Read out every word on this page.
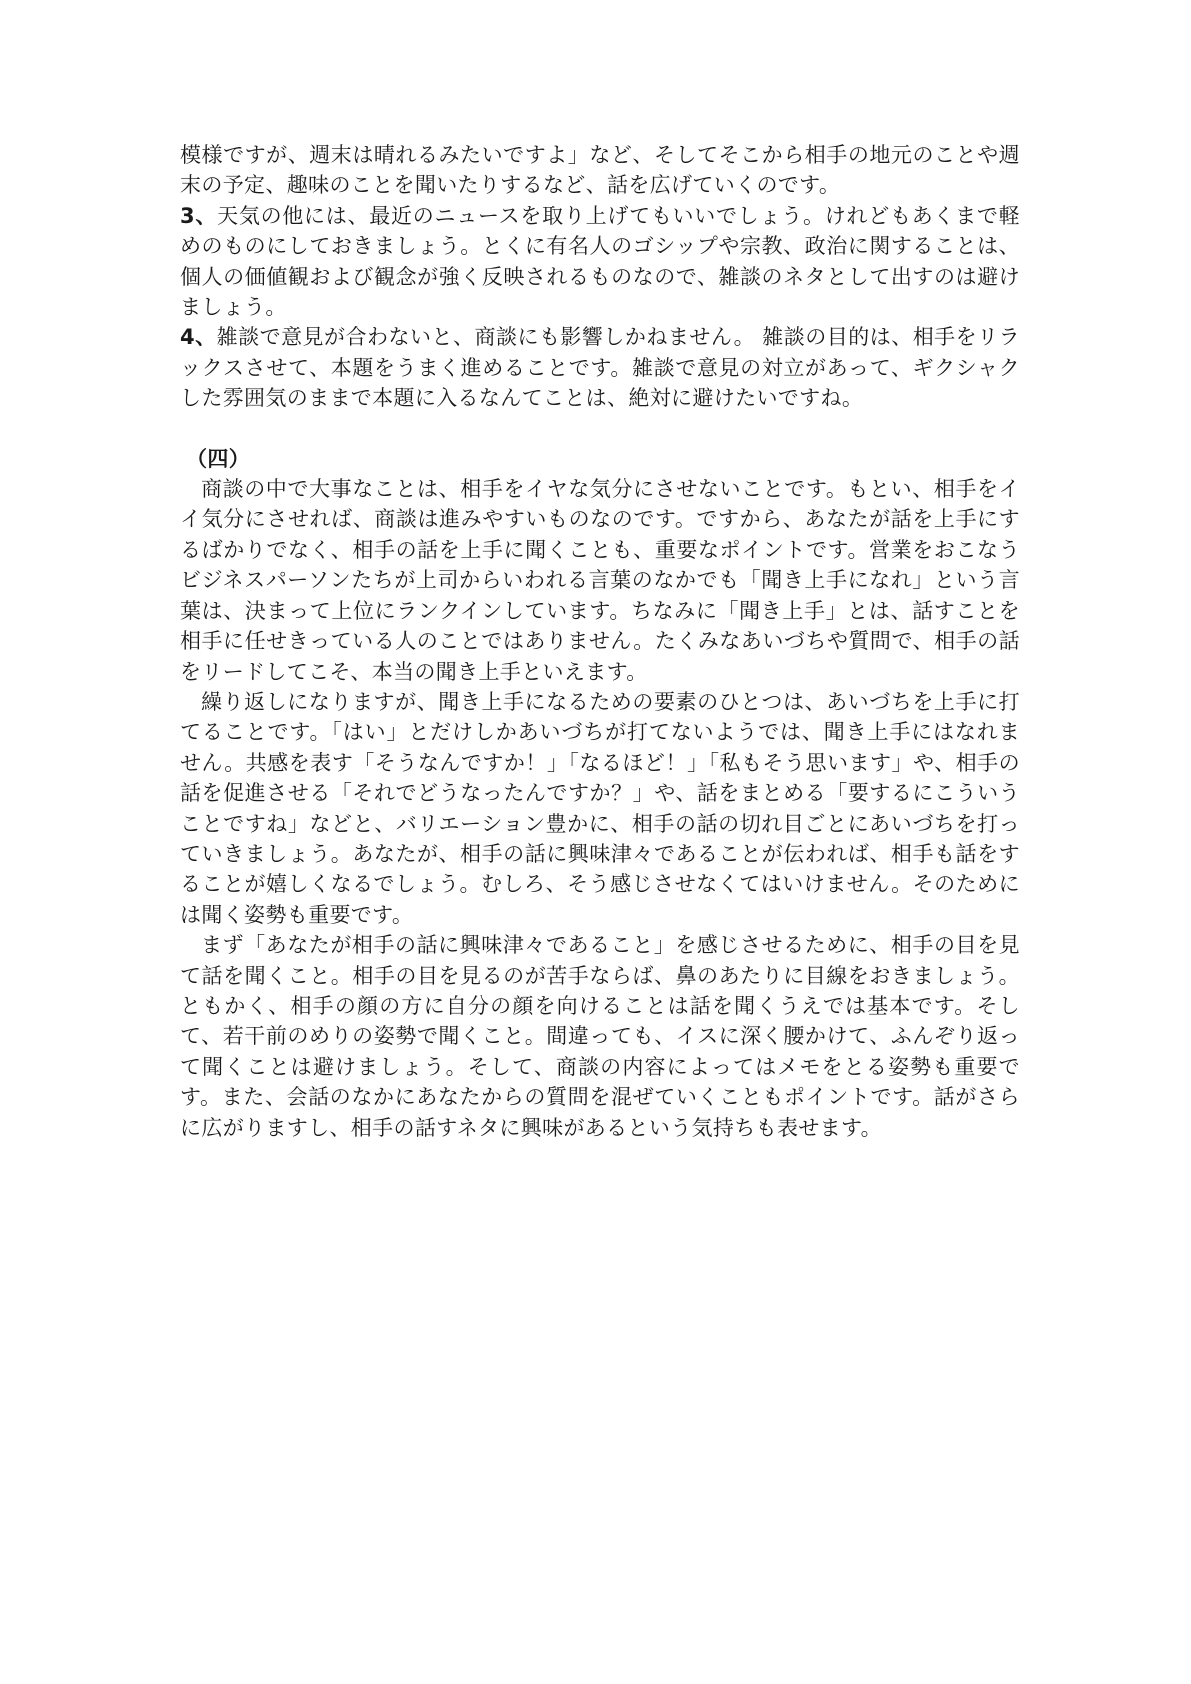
模様ですが、週末は晴れるみたいですよ」など、そしてそこから相手の地元のことや週末の予定、趣味のことを聞いたりするなど、話を広げていくのです。

3、天気の他には、最近のニュースを取り上げてもいいでしょう。けれどもあくまで軽めのものにしておきましょう。とくに有名人のゴシップや宗教、政治に関することは、個人の価値観および観念が強く反映されるものなので、雑談のネタとして出すのは避けましょう。

4、雑談で意見が合わないと、商談にも影響しかねません。 雑談の目的は、相手をリラックスさせて、本題をうまく進めることです。雑談で意見の対立があって、ギクシャクした雰囲気のままで本題に入るなんてことは、絶対に避けたいですね。

（四）

商談の中で大事なことは、相手をイヤな気分にさせないことです。もとい、相手をイイ気分にさせれば、商談は進みやすいものなのです。ですから、あなたが話を上手にするばかりでなく、相手の話を上手に聞くことも、重要なポイントです。営業をおこなうビジネスパーソンたちが上司からいわれる言葉のなかでも「聞き上手になれ」という言葉は、決まって上位にランクインしています。ちなみに「聞き上手」とは、話すことを相手に任せきっている人のことではありません。たくみなあいづちや質問で、相手の話をリードしてこそ、本当の聞き上手といえます。

繰り返しになりますが、聞き上手になるための要素のひとつは、あいづちを上手に打てることです。「はい」とだけしかあいづちが打てないようでは、聞き上手にはなれません。共感を表す「そうなんですか！」「なるほど！」「私もそう思います」や、相手の話を促進させる「それでどうなったんですか？」や、話をまとめる「要するにこういうことですね」などと、バリエーション豊かに、相手の話の切れ目ごとにあいづちを打っていきましょう。あなたが、相手の話に興味津々であることが伝われば、相手も話をすることが嬉しくなるでしょう。むしろ、そう感じさせなくてはいけません。そのためには聞く姿勢も重要です。

まず「あなたが相手の話に興味津々であること」を感じさせるために、相手の目を見て話を聞くこと。相手の目を見るのが苦手ならば、鼻のあたりに目線をおきましょう。ともかく、相手の顔の方に自分の顔を向けることは話を聞くうえでは基本です。そして、若干前のめりの姿勢で聞くこと。間違っても、イスに深く腰かけて、ふんぞり返って聞くことは避けましょう。そして、商談の内容によってはメモをとる姿勢も重要です。また、会話のなかにあなたからの質問を混ぜていくこともポイントです。話がさらに広がりますし、相手の話すネタに興味があるという気持ちも表せます。
